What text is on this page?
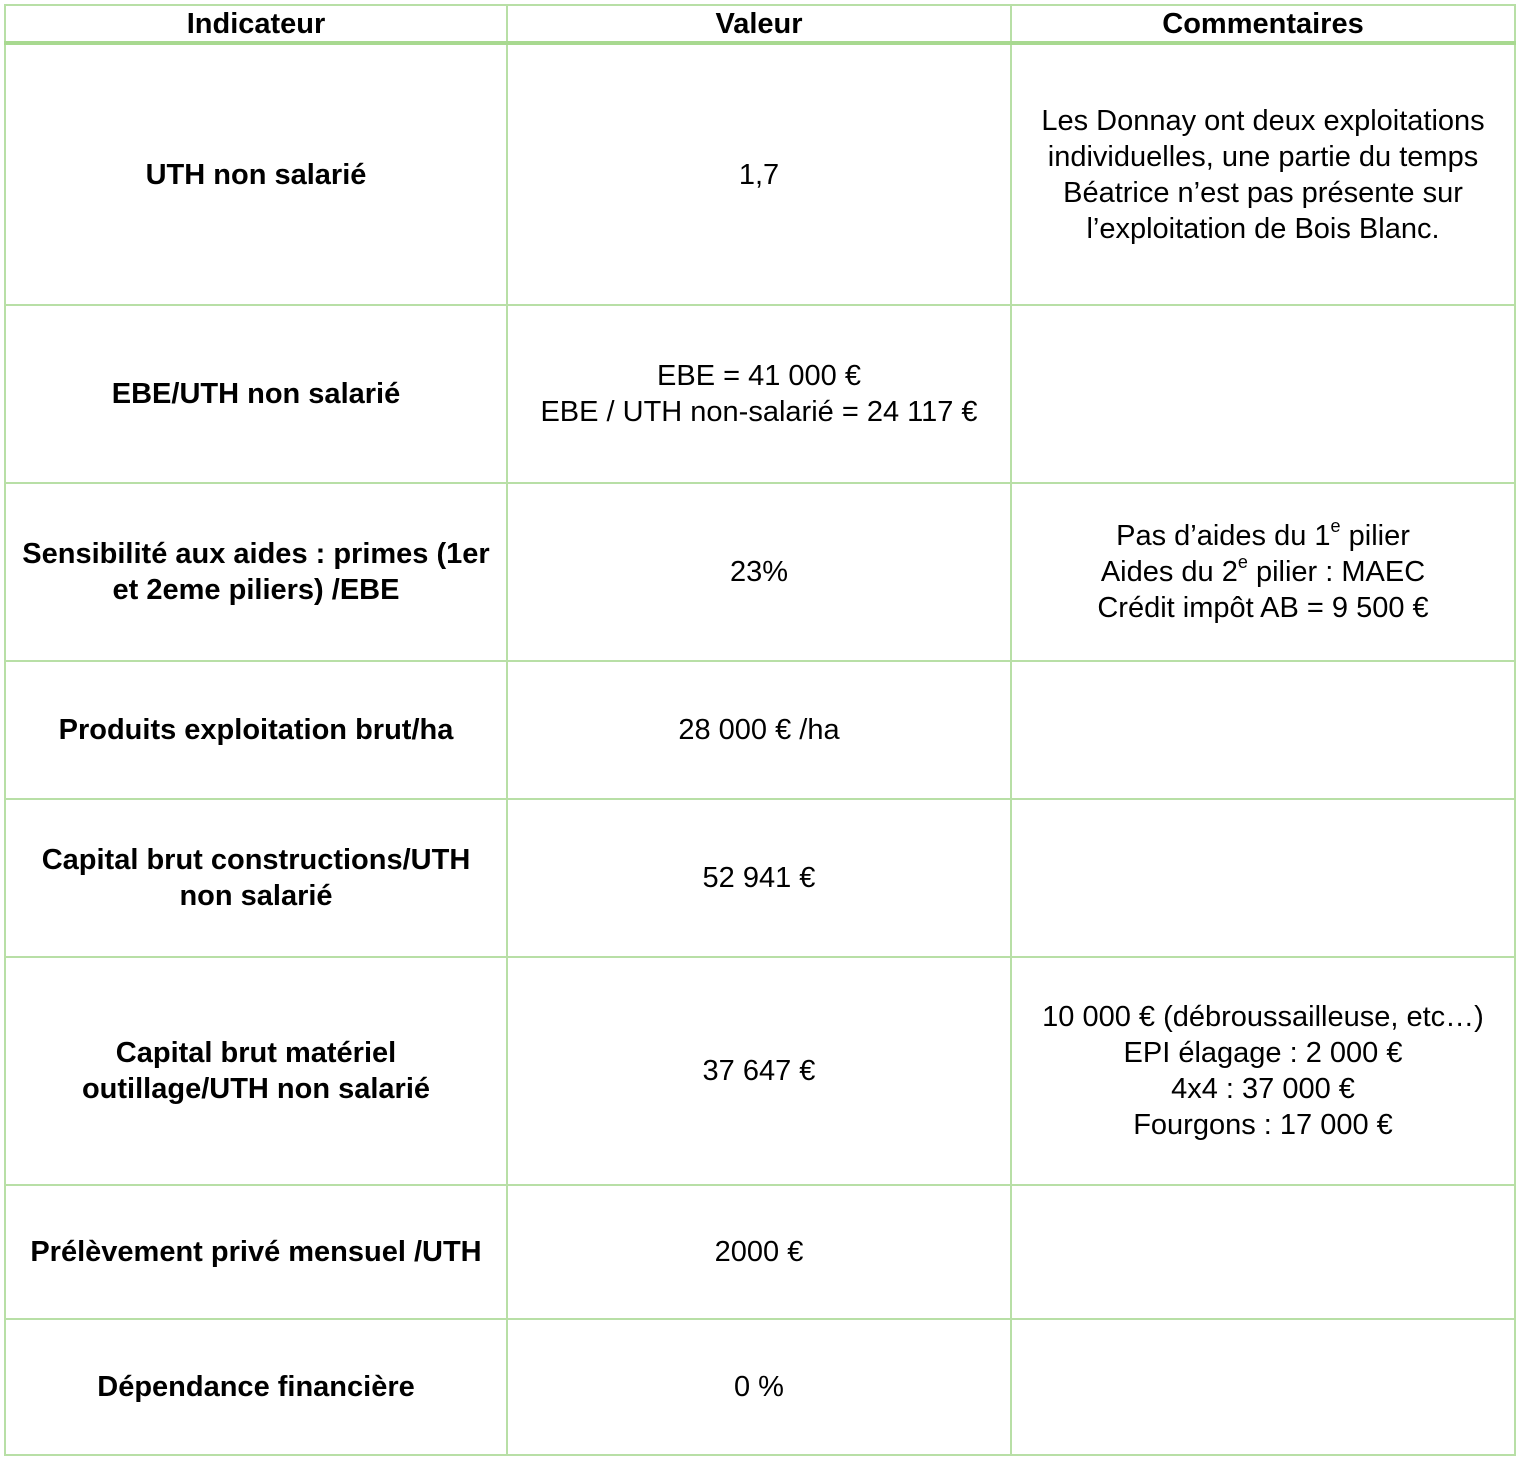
Indicateur	Valeur	Commentaires
UTH non salarié	1,7	Les Donnay ont deux exploitations individuelles, une partie du temps Béatrice n’est pas présente sur l’exploitation de Bois Blanc.
EBE/UTH non salarié	EBE = 41 000 €
EBE / UTH non-salarié = 24 117 €	

Sensibilité aux aides : primes (1er et 2eme piliers) /EBE	23%	Pas d’aides du 1e pilier
Aides du 2e pilier : MAEC
Crédit impôt AB = 9 500 €

Produits exploitation brut/ha	28 000 € /ha	
Capital brut constructions/UTH non salarié	52 941 €	
Capital brut matériel outillage/UTH non salarié	37 647 €	10 000 € (débroussailleuse, etc…)
EPI élagage : 2 000 €
4x4 : 37 000 €
Fourgons : 17 000 €

Prélèvement privé mensuel /UTH	2000 €	
Dépendance financière	0 %	
